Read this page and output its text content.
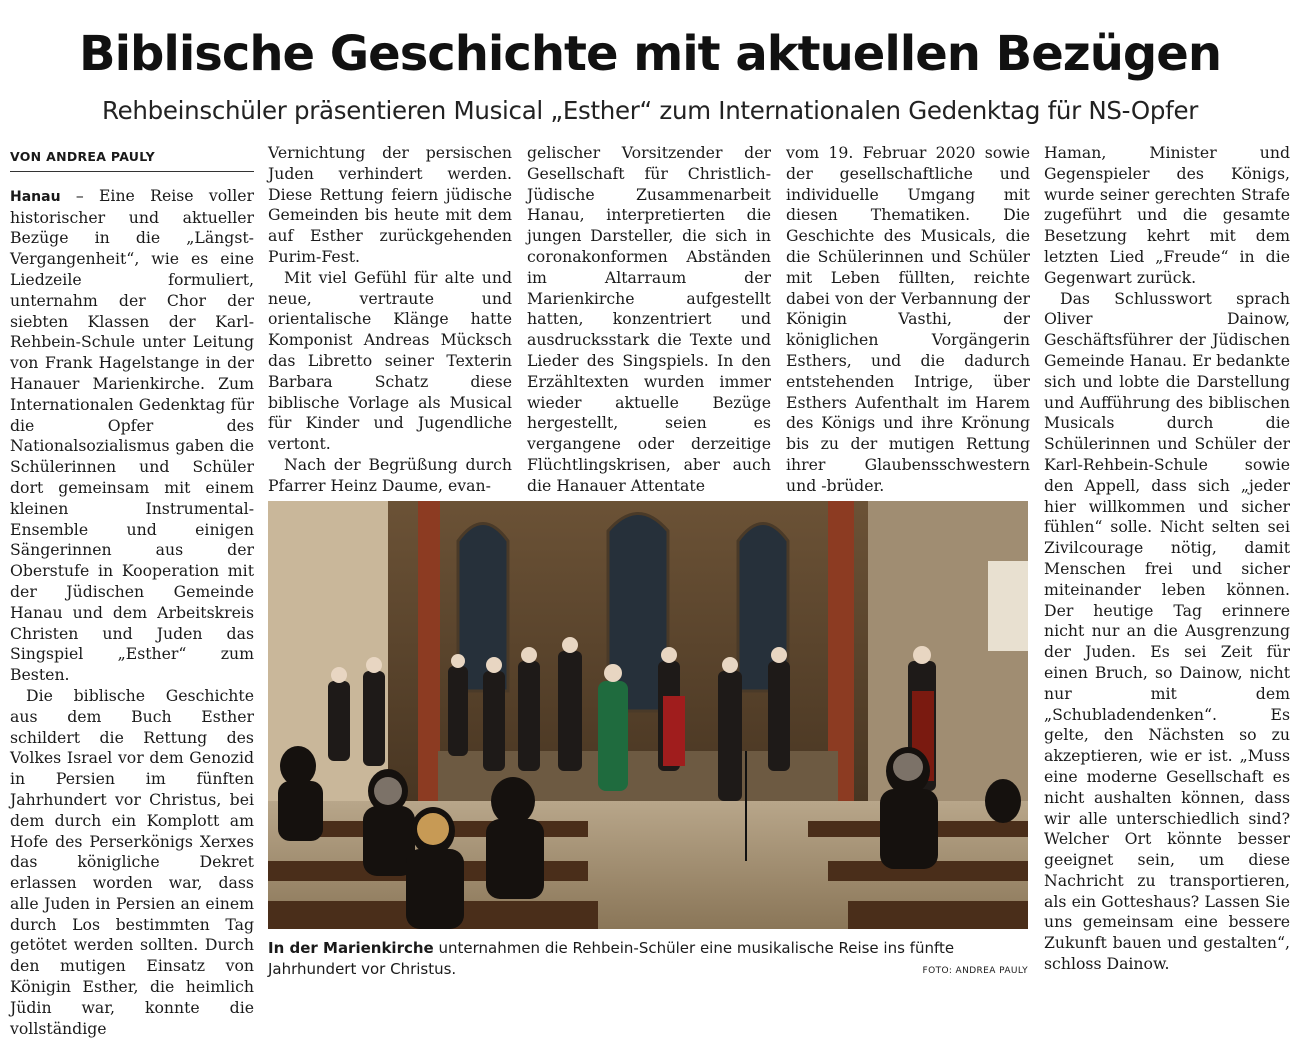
Biblische Geschichte mit aktuellen Bezügen
Rehbeinschüler präsentieren Musical „Esther“ zum Internationalen Gedenktag für NS-Opfer
VON ANDREA PAULY

Hanau – Eine Reise voller historischer und aktueller Bezüge in die „Längst-Vergangenheit“, wie es eine Liedzeile formuliert, unternahm der Chor der siebten Klassen der Karl-Rehbein-Schule unter Leitung von Frank Hagelstange in der Hanauer Marienkirche. Zum Internationalen Gedenktag für die Opfer des Nationalsozialismus gaben die Schülerinnen und Schüler dort gemeinsam mit einem kleinen Instrumental-Ensemble und einigen Sängerinnen aus der Oberstufe in Kooperation mit der Jüdischen Gemeinde Hanau und dem Arbeitskreis Christen und Juden das Singspiel „Esther“ zum Besten.

Die biblische Geschichte aus dem Buch Esther schildert die Rettung des Volkes Israel vor dem Genozid in Persien im fünften Jahrhundert vor Christus, bei dem durch ein Komplott am Hofe des Perserkönigs Xerxes das königliche Dekret erlassen worden war, dass alle Juden in Persien an einem durch Los bestimmten Tag getötet werden sollten. Durch den mutigen Einsatz von Königin Esther, die heimlich Jüdin war, konnte die vollständige

Vernichtung der persischen Juden verhindert werden. Diese Rettung feiern jüdische Gemeinden bis heute mit dem auf Esther zurückgehenden Purim-Fest.

Mit viel Gefühl für alte und neue, vertraute und orientalische Klänge hatte Komponist Andreas Mücksch das Libretto seiner Texterin Barbara Schatz diese biblische Vorlage als Musical für Kinder und Jugendliche vertont.

Nach der Begrüßung durch Pfarrer Heinz Daume, evan-

gelischer Vorsitzender der Gesellschaft für Christlich-Jüdische Zusammenarbeit Hanau, interpretierten die jungen Darsteller, die sich in coronakonformen Abständen im Altarraum der Marienkirche aufgestellt hatten, konzentriert und ausdrucksstark die Texte und Lieder des Singspiels. In den Erzähltexten wurden immer wieder aktuelle Bezüge hergestellt, seien es vergangene oder derzeitige Flüchtlingskrisen, aber auch die Hanauer Attentate

vom 19. Februar 2020 sowie der gesellschaftliche und individuelle Umgang mit diesen Thematiken. Die Geschichte des Musicals, die die Schülerinnen und Schüler mit Leben füllten, reichte dabei von der Verbannung der Königin Vasthi, der königlichen Vorgängerin Esthers, und die dadurch entstehenden Intrige, über Esthers Aufenthalt im Harem des Königs und ihre Krönung bis zu der mutigen Rettung ihrer Glaubensschwestern und -brüder.

Haman, Minister und Gegenspieler des Königs, wurde seiner gerechten Strafe zugeführt und die gesamte Besetzung kehrt mit dem letzten Lied „Freude“ in die Gegenwart zurück.

Das Schlusswort sprach Oliver Dainow, Geschäftsführer der Jüdischen Gemeinde Hanau. Er bedankte sich und lobte die Darstellung und Aufführung des biblischen Musicals durch die Schülerinnen und Schüler der Karl-Rehbein-Schule sowie den Appell, dass sich „jeder hier willkommen und sicher fühlen“ solle. Nicht selten sei Zivilcourage nötig, damit Menschen frei und sicher miteinander leben können. Der heutige Tag erinnere nicht nur an die Ausgrenzung der Juden. Es sei Zeit für einen Bruch, so Dainow, nicht nur mit dem „Schubladendenken“. Es gelte, den Nächsten so zu akzeptieren, wie er ist. „Muss eine moderne Gesellschaft es nicht aushalten können, dass wir alle unterschiedlich sind? Welcher Ort könnte besser geeignet sein, um diese Nachricht zu transportieren, als ein Gotteshaus? Lassen Sie uns gemeinsam eine bessere Zukunft bauen und gestalten“, schloss Dainow.

In der Marienkirche unternahmen die Rehbein-Schüler eine musikalische Reise ins fünfte Jahrhundert vor Christus.	FOTO: ANDREA PAULY
